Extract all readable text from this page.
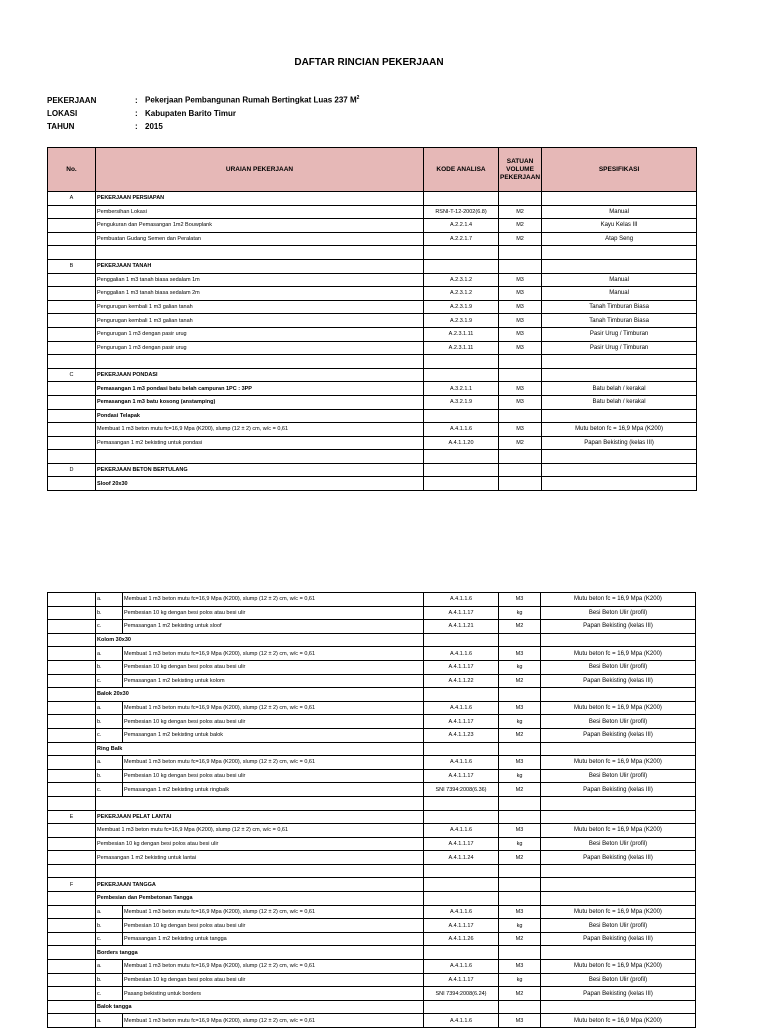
DAFTAR RINCIAN PEKERJAAN
PEKERJAAN	: Pekerjaan Pembangunan Rumah Bertingkat Luas 237 $M^2$
LOKASI	: Kabupaten Barito Timur
TAHUN	: 2015
No.	URAIAN PEKERJAAN	KODE ANALISA	SATUAN VOLUME PEKERJAAN	SPESIFIKASI
A	PEKERJAAN PERSIAPAN			
	Pembersihan Lokasi	RSNI-T-12-2002(6.8)	M2	Manual
	Pengukuran dan Pemasangan 1m2 Bouwplank	A.2.2.1.4	M2	Kayu Kelas III
	Pembuatan Gudang Semen dan Peralatan	A.2.2.1.7	M2	Atap Seng

B	PEKERJAAN TANAH			
	Penggalian 1 m3 tanah biasa sedalam 1m	A.2.3.1.2	M3	Manual
	Penggalian 1 m3 tanah biasa sedalam 2m	A.2.3.1.2	M3	Manual
	Pengurugan kembali 1 m3 galian tanah	A.2.3.1.9	M3	Tanah Timburan Biasa
	Pengurugan kembali 1 m3 galian tanah	A.2.3.1.9	M3	Tanah Timburan Biasa
	Pengurugan 1 m3 dengan pasir urug	A.2.3.1.11	M3	Pasir Urug / Timburan
	Pengurugan 1 m3 dengan pasir urug	A.2.3.1.11	M3	Pasir Urug / Timburan

C	PEKERJAAN PONDASI			
	Pemasangan 1 m3 pondasi batu belah campuran 1PC : 3PP	A.3.2.1.1	M3	Batu belah / kerakal
	Pemasangan 1 m3 batu kosong (anstamping)	A.3.2.1.9	M3	Batu belah / kerakal
	Pondasi Telapak			
	Membuat 1 m3 beton mutu fc=16,9 Mpa (K200), slump (12 ± 2) cm, w/c = 0,61	A.4.1.1.6	M3	Mutu beton fc = 16,9 Mpa (K200)
	Pemasangan 1 m2 bekisting untuk pondasi	A.4.1.1.20	M2	Papan Bekisting (kelas III)

D	PEKERJAAN BETON BERTULANG			
	Sloof 20x30			
	a.	Membuat 1 m3 beton mutu fc=16,9 Mpa (K200), slump (12 ± 2) cm, w/c = 0,61	A.4.1.1.6	M3	Mutu beton fc = 16,9 Mpa (K200)
	b.	Pembesian 10 kg dengan besi polos atau besi ulir	A.4.1.1.17	kg	Besi Beton Ulir (profil)
	c.	Pemasangan 1 m2 bekisting untuk sloof	A.4.1.1.21	M2	Papan Bekisting (kelas III)
	Kolom 30x30				
	a.	Membuat 1 m3 beton mutu fc=16,9 Mpa (K200), slump (12 ± 2) cm, w/c = 0,61	A.4.1.1.6	M3	Mutu beton fc = 16,9 Mpa (K200)
	b.	Pembesian 10 kg dengan besi polos atau besi ulir	A.4.1.1.17	kg	Besi Beton Ulir (profil)
	c.	Pemasangan 1 m2 bekisting untuk kolom	A.4.1.1.22	M2	Papan Bekisting (kelas III)
	Balok 20x30				
	a.	Membuat 1 m3 beton mutu fc=16,9 Mpa (K200), slump (12 ± 2) cm, w/c = 0,61	A.4.1.1.6	M3	Mutu beton fc = 16,9 Mpa (K200)
	b.	Pembesian 10 kg dengan besi polos atau besi ulir	A.4.1.1.17	kg	Besi Beton Ulir (profil)
	c.	Pemasangan 1 m2 bekisting untuk balok	A.4.1.1.23	M2	Papan Bekisting (kelas III)
	Ring Balk				
	a.	Membuat 1 m3 beton mutu fc=16,9 Mpa (K200), slump (12 ± 2) cm, w/c = 0,61	A.4.1.1.6	M3	Mutu beton fc = 16,9 Mpa (K200)
	b.	Pembesian 10 kg dengan besi polos atau besi ulir	A.4.1.1.17	kg	Besi Beton Ulir (profil)
	c.	Pemasangan 1 m2 bekisting untuk ringbalk	SNI 7394:2008(6.36)	M2	Papan Bekisting (kelas III)

E	PEKERJAAN PELAT LANTAI				
	Membuat 1 m3 beton mutu fc=16,9 Mpa (K200), slump (12 ± 2) cm, w/c = 0,61		A.4.1.1.6	M3	Mutu beton fc = 16,9 Mpa (K200)
	Pembesian 10 kg dengan besi polos atau besi ulir		A.4.1.1.17	kg	Besi Beton Ulir (profil)
	Pemasangan 1 m2 bekisting untuk lantai		A.4.1.1.24	M2	Papan Bekisting (kelas III)

F	PEKERJAAN TANGGA				
	Pembesian dan Pembetonan Tangga				
	a.	Membuat 1 m3 beton mutu fc=16,9 Mpa (K200), slump (12 ± 2) cm, w/c = 0,61	A.4.1.1.6	M3	Mutu beton fc = 16,9 Mpa (K200)
	b.	Pembesian 10 kg dengan besi polos atau besi ulir	A.4.1.1.17	kg	Besi Beton Ulir (profil)
	c.	Pemasangan 1 m2 bekisting untuk tangga	A.4.1.1.26	M2	Papan Bekisting (kelas III)
	Borders tangga				
	a.	Membuat 1 m3 beton mutu fc=16,9 Mpa (K200), slump (12 ± 2) cm, w/c = 0,61	A.4.1.1.6	M3	Mutu beton fc = 16,9 Mpa (K200)
	b.	Pembesian 10 kg dengan besi polos atau besi ulir	A.4.1.1.17	kg	Besi Beton Ulir (profil)
	c.	Pasang bekisting untuk borders	SNI 7394:2008(6.24)	M2	Papan Bekisting (kelas III)
	Balok tangga				
	a.	Membuat 1 m3 beton mutu fc=16,9 Mpa (K200), slump (12 ± 2) cm, w/c = 0,61	A.4.1.1.6	M3	Mutu beton fc = 16,9 Mpa (K200)
